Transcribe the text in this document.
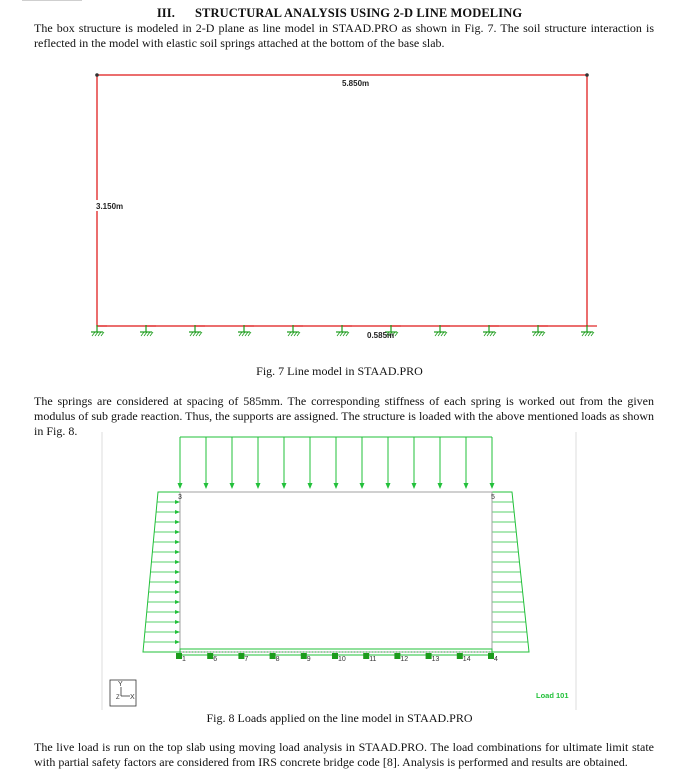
III. STRUCTURAL ANALYSIS USING 2-D LINE MODELING

The box structure is modeled in 2-D plane as line model in STAAD.PRO as shown in Fig. 7. The soil structure interaction is reflected in the model with elastic soil springs attached at the bottom of the base slab.

5.850m
3.150m
0.585m
Fig. 7 Line model in STAAD.PRO

The springs are considered at spacing of 585mm. The corresponding stiffness of each spring is worked out from the given modulus of sub grade reaction. Thus, the supports are assigned. The structure is loaded with the above mentioned loads as shown in Fig. 8.

3	5
1	6	7	8	9	10	11	12	13	14	4
Y
X
Z	Load 101
Fig. 8 Loads applied on the line model in STAAD.PRO

The live load is run on the top slab using moving load analysis in STAAD.PRO. The load combinations for ultimate limit state with partial safety factors are considered from IRS concrete bridge code [8]. Analysis is performed and results are obtained.
